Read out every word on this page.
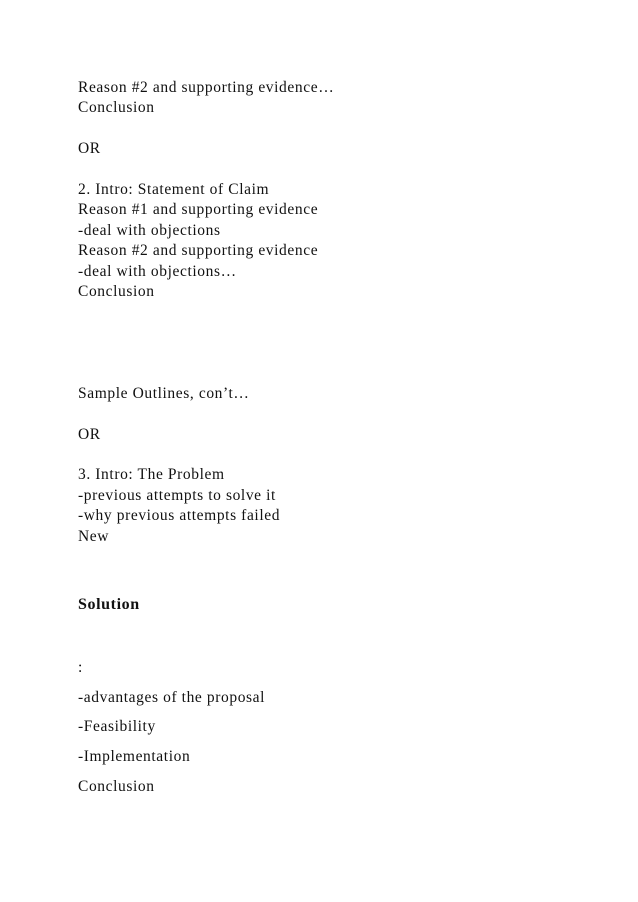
Reason #2 and supporting evidence…
Conclusion
OR
2. Intro: Statement of Claim
Reason #1 and supporting evidence
-deal with objections
Reason #2 and supporting evidence
-deal with objections…
Conclusion
Sample Outlines, con’t…
OR
3. Intro: The Problem
-previous attempts to solve it
-why previous attempts failed
New
Solution
:
-advantages of the proposal
-Feasibility
-Implementation
Conclusion
